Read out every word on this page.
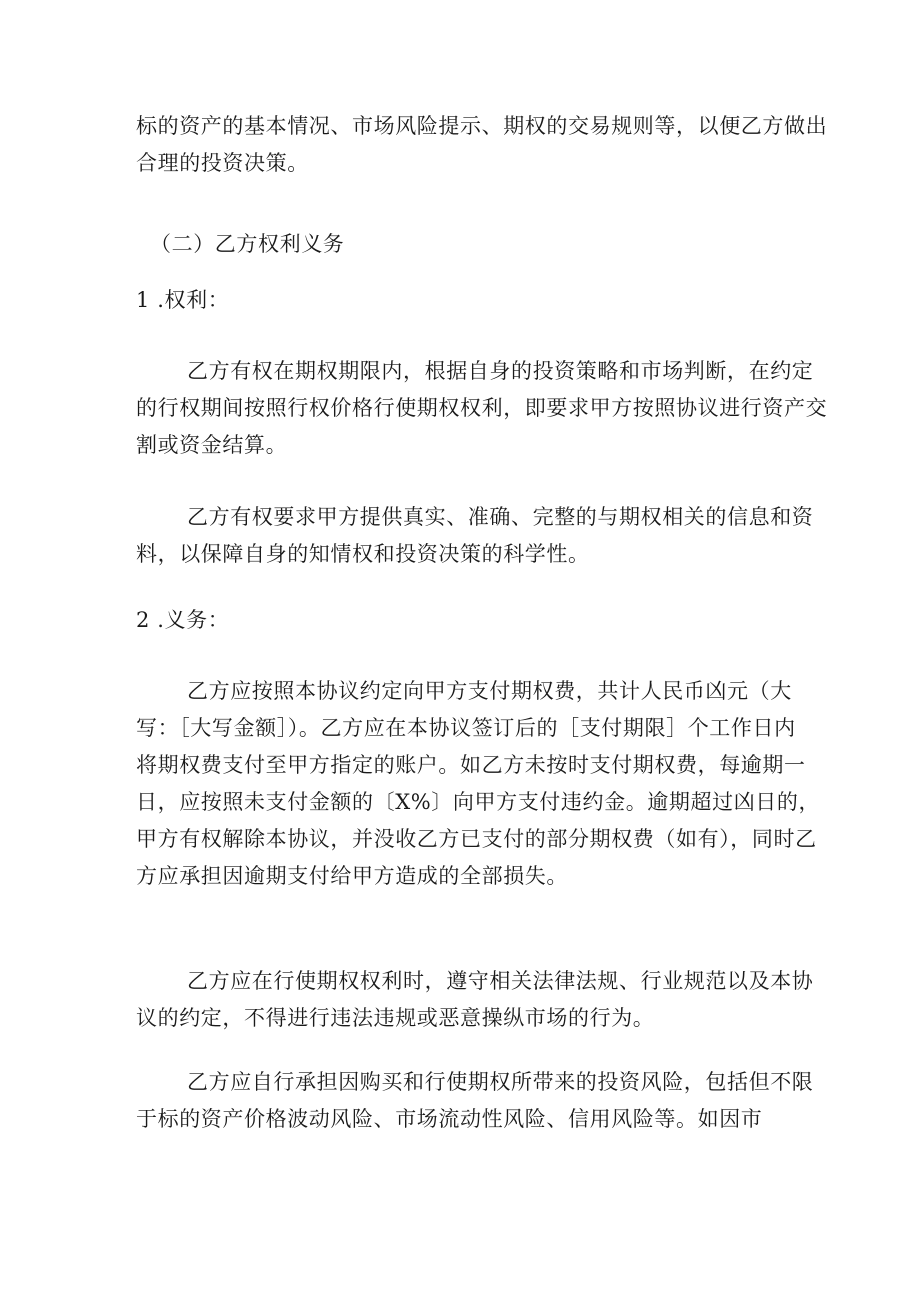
标的资产的基本情况、市场风险提示、期权的交易规则等，以便乙方做出
合理的投资决策。
（二）乙方权利义务
1 .权利：
乙方有权在期权期限内，根据自身的投资策略和市场判断，在约定
的行权期间按照行权价格行使期权权利，即要求甲方按照协议进行资产交
割或资金结算。
乙方有权要求甲方提供真实、准确、完整的与期权相关的信息和资
料，以保障自身的知情权和投资决策的科学性。
2 .义务：
乙方应按照本协议约定向甲方支付期权费，共计人民币凶元（大
写：［大写金额］）。乙方应在本协议签订后的［支付期限］个工作日内
将期权费支付至甲方指定的账户。如乙方未按时支付期权费，每逾期一
日，应按照未支付金额的〔X%〕向甲方支付违约金。逾期超过凶日的，
甲方有权解除本协议，并没收乙方已支付的部分期权费（如有），同时乙
方应承担因逾期支付给甲方造成的全部损失。
乙方应在行使期权权利时，遵守相关法律法规、行业规范以及本协
议的约定，不得进行违法违规或恶意操纵市场的行为。
乙方应自行承担因购买和行使期权所带来的投资风险，包括但不限
于标的资产价格波动风险、市场流动性风险、信用风险等。如因市
